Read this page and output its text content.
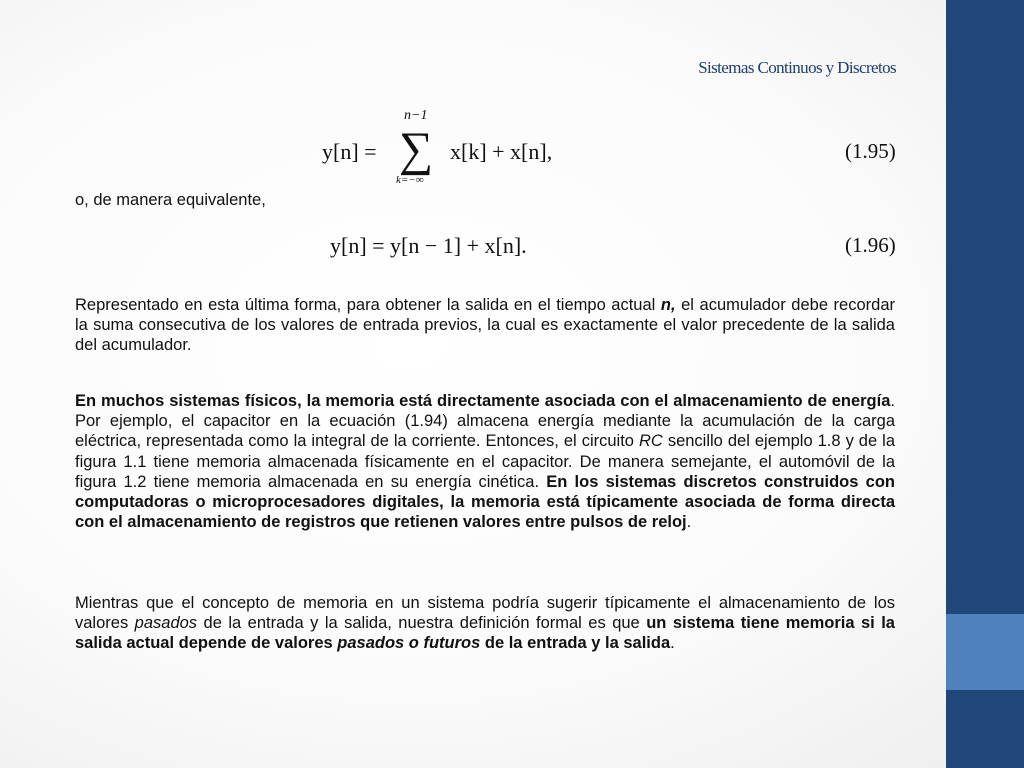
Sistemas Continuos y Discretos
y[n] =
n−1
∑
k=−∞
x[k] + x[n],	(1.95)
o, de manera equivalente,
y[n] = y[n − 1] + x[n].	(1.96)
Representado en esta última forma, para obtener la salida en el tiempo actual n, el acumulador debe recordar la suma consecutiva de los valores de entrada previos, la cual es exactamente el valor precedente de la salida del acumulador.
En muchos sistemas físicos, la memoria está directamente asociada con el almacenamiento de energía. Por ejemplo, el capacitor en la ecuación (1.94) almacena energía mediante la acumulación de la carga eléctrica, representada como la integral de la corriente. Entonces, el circuito RC sencillo del ejemplo 1.8 y de la figura 1.1 tiene memoria almacenada físicamente en el capacitor. De manera semejante, el automóvil de la figura 1.2 tiene memoria almacenada en su energía cinética. En los sistemas discretos construidos con computadoras o microprocesadores digitales, la memoria está típicamente asociada de forma directa con el almacenamiento de registros que retienen valores entre pulsos de reloj.
Mientras que el concepto de memoria en un sistema podría sugerir típicamente el almacenamiento de los valores pasados de la entrada y la salida, nuestra definición formal es que un sistema tiene memoria si la salida actual depende de valores pasados o futuros de la entrada y la salida.
